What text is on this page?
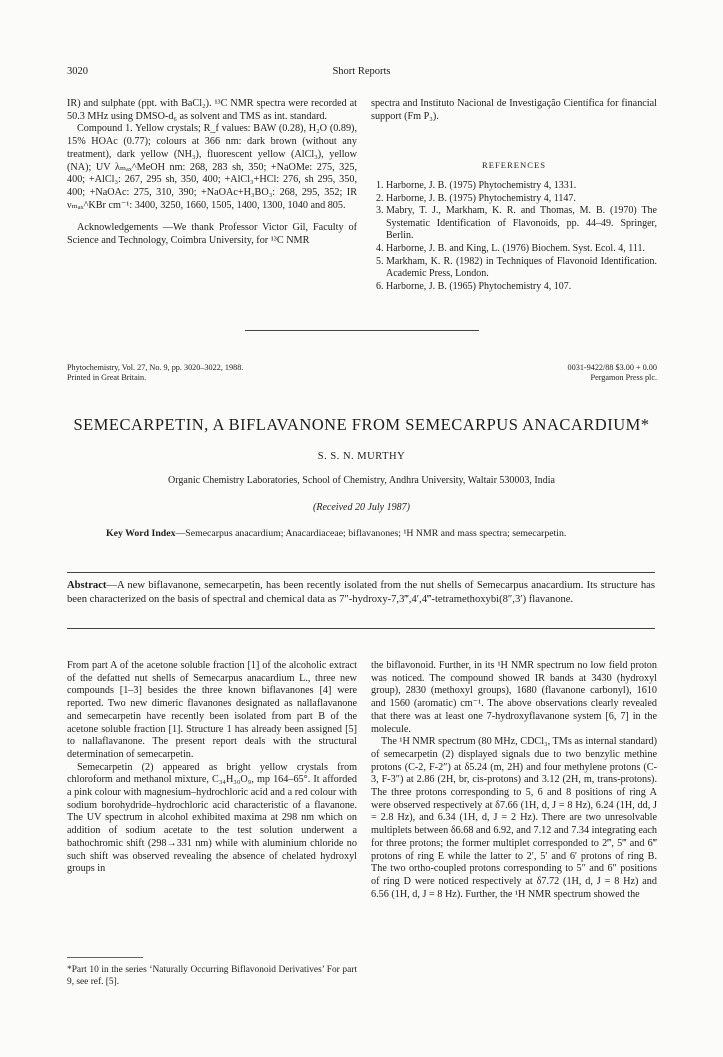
3020	Short Reports

IR) and sulphate (ppt. with BaCl₂). ¹³C NMR spectra were recorded at 50.3 MHz using DMSO-d₆ as solvent and TMS as int. standard.

Compound 1. Yellow crystals; R_f values: BAW (0.28), H₂O (0.89), 15% HOAc (0.77); colours at 366 nm: dark brown (without any treatment), dark yellow (NH₃), fluorescent yellow (AlCl₃), yellow (NA); UV λₘₐₓ^MeOH nm: 268, 283 sh, 350; +NaOMe: 275, 325, 400; +AlCl₃: 267, 295 sh, 350, 400; +AlCl₃+HCl: 276, sh 295, 350, 400; +NaOAc: 275, 310, 390; +NaOAc+H₃BO₃: 268, 295, 352; IR νₘₐₓ^KBr cm⁻¹: 3400, 3250, 1660, 1505, 1400, 1300, 1040 and 805.

Acknowledgements —We thank Professor Victor Gil, Faculty of Science and Technology, Coimbra University, for ¹³C NMR

spectra and Instituto Nacional de Investigação Científica for financial support (Fm P₃).

REFERENCES
1. Harborne, J. B. (1975) Phytochemistry 4, 1331.
2. Harborne, J. B. (1975) Phytochemistry 4, 1147.
3. Mabry, T. J., Markham, K. R. and Thomas, M. B. (1970) The Systematic Identification of Flavonoids, pp. 44–49. Springer, Berlin.
4. Harborne, J. B. and King, L. (1976) Biochem. Syst. Ecol. 4, 111.
5. Markham, K. R. (1982) in Techniques of Flavonoid Identification. Academic Press, London.
6. Harborne, J. B. (1965) Phytochemistry 4, 107.
Phytochemistry, Vol. 27, No. 9, pp. 3020–3022, 1988.
Printed in Great Britain.
0031‑9422/88 $3.00 + 0.00
Pergamon Press plc.
SEMECARPETIN, A BIFLAVANONE FROM SEMECARPUS ANACARDIUM*
S. S. N. MURTHY
Organic Chemistry Laboratories, School of Chemistry, Andhra University, Waltair 530003, India
(Received 20 July 1987)
Key Word Index—Semecarpus anacardium; Anacardiaceae; biflavanones; ¹H NMR and mass spectra; semecarpetin.
Abstract—A new biflavanone, semecarpetin, has been recently isolated from the nut shells of Semecarpus anacardium. Its structure has been characterized on the basis of spectral and chemical data as 7″-hydroxy-7,3‴,4′,4‴-tetramethoxybi(8″,3′) flavanone.

From part A of the acetone soluble fraction [1] of the alcoholic extract of the defatted nut shells of Semecarpus anacardium L., three new compounds [1–3] besides the three known biflavanones [4] were reported. Two new dimeric flavanones designated as nallaflavanone and semecarpetin have recently been isolated from part B of the acetone soluble fraction [1]. Structure 1 has already been assigned [5] to nallaflavanone. The present report deals with the structural determination of semecarpetin.

Semecarpetin (2) appeared as bright yellow crystals from chloroform and methanol mixture, C₃₄H₃₀O₉, mp 164–65°. It afforded a pink colour with magnesium–hydrochloric acid and a red colour with sodium borohydride–hydrochloric acid characteristic of a flavanone. The UV spectrum in alcohol exhibited maxima at 298 nm which on addition of sodium acetate to the test solution underwent a bathochromic shift (298→331 nm) while with aluminium chloride no such shift was observed revealing the absence of chelated hydroxyl groups in

*Part 10 in the series ‘Naturally Occurring Biflavonoid Derivatives’ For part 9, see ref. [5].

the biflavonoid. Further, in its ¹H NMR spectrum no low field proton was noticed. The compound showed IR bands at 3430 (hydroxyl group), 2830 (methoxyl groups), 1680 (flavanone carbonyl), 1610 and 1560 (aromatic) cm⁻¹. The above observations clearly revealed that there was at least one 7-hydroxyflavanone system [6, 7] in the molecule.

The ¹H NMR spectrum (80 MHz, CDCl₃, TMs as internal standard) of semecarpetin (2) displayed signals due to two benzylic methine protons (C-2, F-2″) at δ5.24 (m, 2H) and four methylene protons (C-3, F-3″) at 2.86 (2H, br, cis-protons) and 3.12 (2H, m, trans-protons). The three protons corresponding to 5, 6 and 8 positions of ring A were observed respectively at δ7.66 (1H, d, J = 8 Hz), 6.24 (1H, dd, J = 2.8 Hz), and 6.34 (1H, d, J = 2 Hz). There are two unresolvable multiplets between δ6.68 and 6.92, and 7.12 and 7.34 integrating each for three protons; the former multiplet corresponded to 2‴, 5‴ and 6‴ protons of ring E while the latter to 2′, 5′ and 6′ protons of ring B. The two ortho-coupled protons corresponding to 5″ and 6″ positions of ring D were noticed respectively at δ7.72 (1H, d, J = 8 Hz) and 6.56 (1H, d, J = 8 Hz). Further, the ¹H NMR spectrum showed the
